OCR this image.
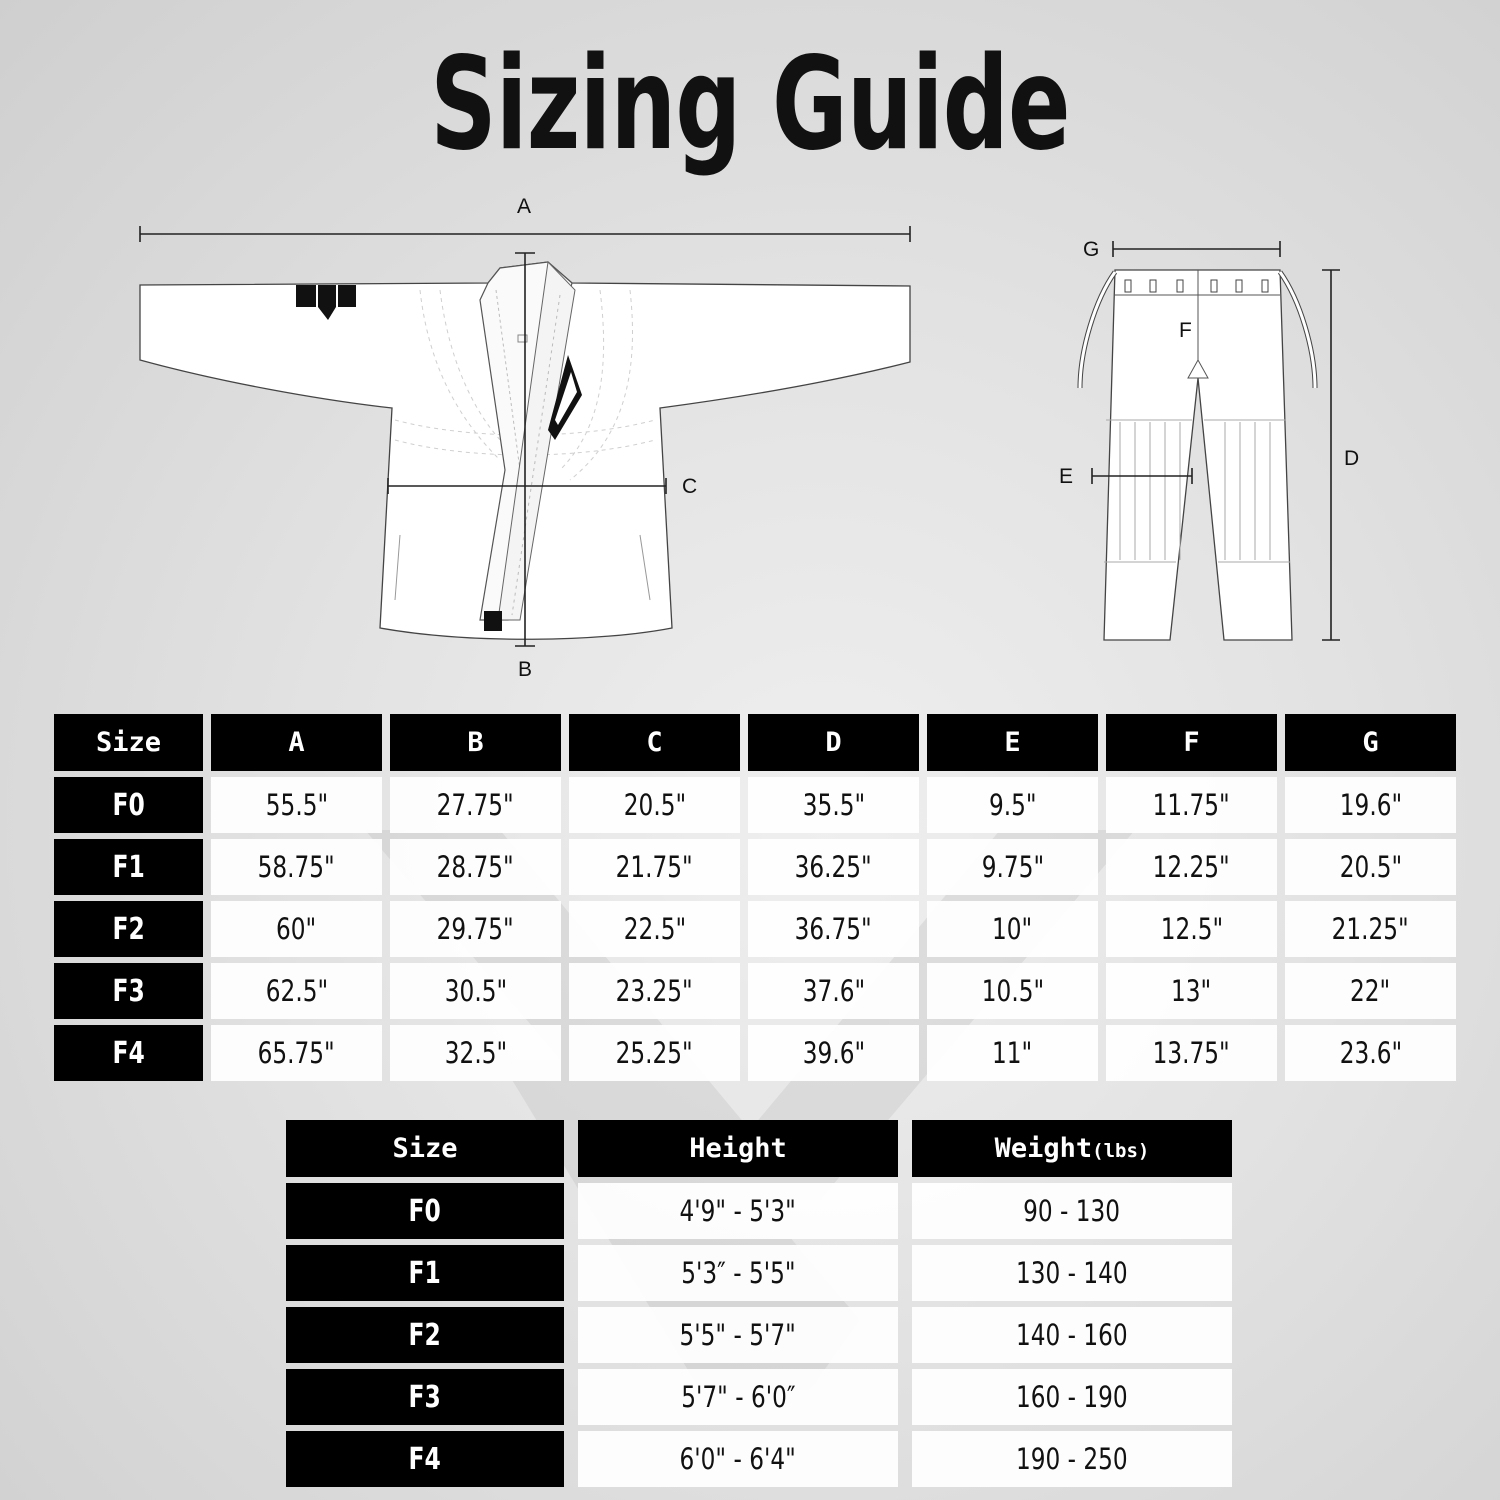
Sizing Guide
A
B
C
G
F
D
E
Size	A	B	C	D	E	F	G
F0	55.5"	27.75"	20.5"	35.5"	9.5"	11.75"	19.6"
F1	58.75"	28.75"	21.75"	36.25"	9.75"	12.25"	20.5"
F2	60"	29.75"	22.5"	36.75"	10"	12.5"	21.25"
F3	62.5"	30.5"	23.25"	37.6"	10.5"	13"	22"
F4	65.75"	32.5"	25.25"	39.6"	11"	13.75"	23.6"
Size	Height	Weight(lbs)
F0	4'9" - 5'3"	90 - 130
F1	5'3″ - 5'5"	130 - 140
F2	5'5" - 5'7"	140 - 160
F3	5'7" - 6'0″	160 - 190
F4	6'0" - 6'4"	190 - 250
